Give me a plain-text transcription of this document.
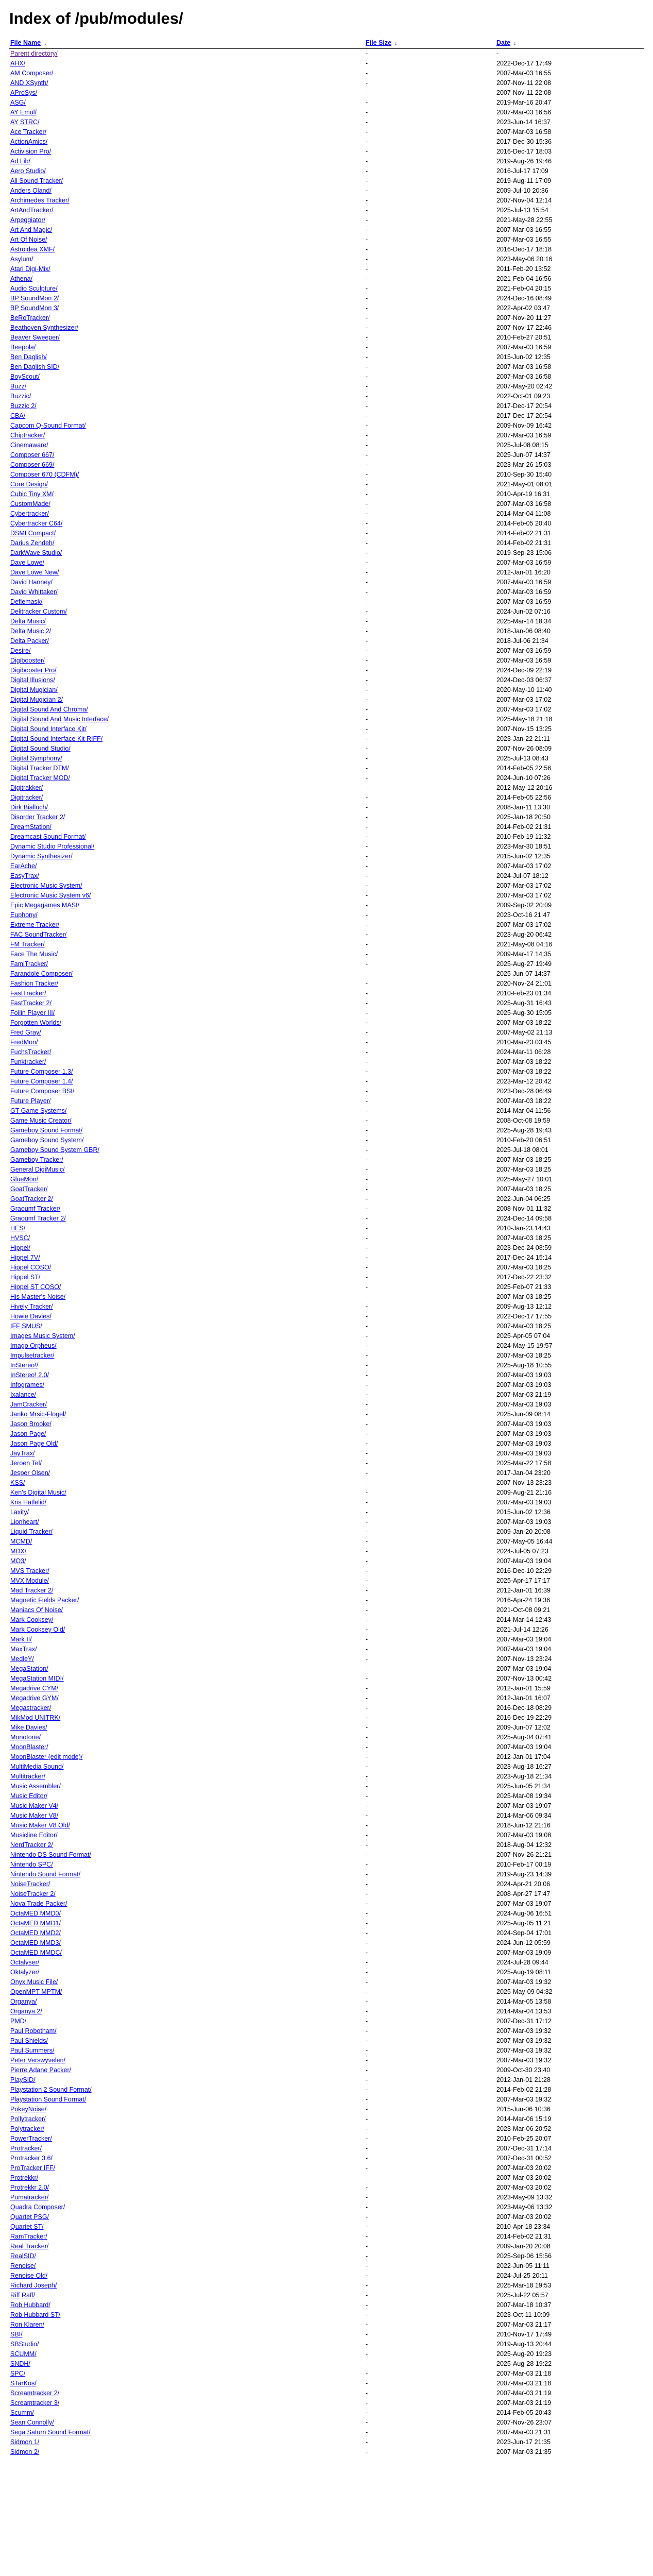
Index of /pub/modules/
File Name ↓	File Size ↓	Date ↓
Parent directory/	-	-
AHX/	-	2022-Dec-17 17:49
AM Composer/	-	2007-Mar-03 16:55
AND XSynth/	-	2007-Nov-11 22:08
AProSys/	-	2007-Nov-11 22:08
ASG/	-	2019-Mar-16 20:47
AY Emul/	-	2007-Mar-03 16:56
AY STRC/	-	2023-Jun-14 16:37
Ace Tracker/	-	2007-Mar-03 16:58
ActionAmics/	-	2017-Dec-30 15:36
Activision Pro/	-	2016-Dec-17 18:03
Ad Lib/	-	2019-Aug-26 19:46
Aero Studio/	-	2016-Jul-17 17:09
All Sound Tracker/	-	2019-Aug-11 17:09
Anders Oland/	-	2009-Jul-10 20:36
Archimedes Tracker/	-	2007-Nov-04 12:14
ArtAndTracker/	-	2025-Jul-13 15:54
Arpeggiator/	-	2021-May-28 22:55
Art And Magic/	-	2007-Mar-03 16:55
Art Of Noise/	-	2007-Mar-03 16:55
Astroidea XMF/	-	2016-Dec-17 18:18
Asylum/	-	2023-May-06 20:16
Atari Digi-Mix/	-	2011-Feb-20 13:52
Athena/	-	2021-Feb-04 16:56
Audio Sculpture/	-	2021-Feb-04 20:15
BP SoundMon 2/	-	2024-Dec-16 08:49
BP SoundMon 3/	-	2022-Apr-02 03:47
BeRoTracker/	-	2007-Nov-20 11:27
Beathoven Synthesizer/	-	2007-Nov-17 22:46
Beaver Sweeper/	-	2010-Feb-27 20:51
Beepola/	-	2007-Mar-03 16:59
Ben Daglish/	-	2015-Jun-02 12:35
Ben Daglish SID/	-	2007-Mar-03 16:58
BoyScout/	-	2007-Mar-03 16:58
Buzz/	-	2007-May-20 02:42
Buzzic/	-	2022-Oct-01 09:23
Buzzic 2/	-	2017-Dec-17 20:54
CBA/	-	2017-Dec-17 20:54
Capcom Q-Sound Format/	-	2009-Nov-09 16:42
Chiptracker/	-	2007-Mar-03 16:59
Cinemaware/	-	2025-Jul-08 08:15
Composer 667/	-	2025-Jun-07 14:37
Composer 669/	-	2023-Mar-26 15:03
Composer 670 (CDFM)/	-	2010-Sep-30 15:40
Core Design/	-	2021-May-01 08:01
Cubic Tiny XM/	-	2010-Apr-19 16:31
CustomMade/	-	2007-Mar-03 16:58
Cybertracker/	-	2014-Mar-04 11:08
Cybertracker C64/	-	2014-Feb-05 20:40
DSMI Compact/	-	2014-Feb-02 21:31
Darius Zendeh/	-	2014-Feb-02 21:31
DarkWave Studio/	-	2019-Sep-23 15:06
Dave Lowe/	-	2007-Mar-03 16:59
Dave Lowe New/	-	2012-Jan-01 16:20
David Hanney/	-	2007-Mar-03 16:59
David Whittaker/	-	2007-Mar-03 16:59
Deflemask/	-	2007-Mar-03 16:59
Delitracker Custom/	-	2024-Jun-02 07:16
Delta Music/	-	2025-Mar-14 18:34
Delta Music 2/	-	2018-Jan-06 08:40
Delta Packer/	-	2018-Jul-06 21:34
Desire/	-	2007-Mar-03 16:59
Digibooster/	-	2007-Mar-03 16:59
Digibooster Pro/	-	2024-Dec-09 22:19
Digital Illusions/	-	2024-Dec-03 06:37
Digital Mugician/	-	2020-May-10 11:40
Digital Mugician 2/	-	2007-Mar-03 17:02
Digital Sound And Chroma/	-	2007-Mar-03 17:02
Digital Sound And Music Interface/	-	2025-May-18 21:18
Digital Sound Interface Kit/	-	2007-Nov-15 13:25
Digital Sound Interface Kit RIFF/	-	2023-Jan-22 21:11
Digital Sound Studio/	-	2007-Nov-26 08:09
Digital Symphony/	-	2025-Jul-13 08:43
Digital Tracker DTM/	-	2014-Feb-05 22:56
Digital Tracker MOD/	-	2024-Jun-10 07:26
Digitrakker/	-	2012-May-12 20:16
Digitracker/	-	2014-Feb-05 22:56
Dirk Bialluch/	-	2008-Jan-11 13:30
Disorder Tracker 2/	-	2025-Jan-18 20:50
DreamStation/	-	2014-Feb-02 21:31
Dreamcast Sound Format/	-	2010-Feb-19 11:32
Dynamic Studio Professional/	-	2023-Mar-30 18:51
Dynamic Synthesizer/	-	2015-Jun-02 12:35
EarAche/	-	2007-Mar-03 17:02
EasyTrax/	-	2024-Jul-07 18:12
Electronic Music System/	-	2007-Mar-03 17:02
Electronic Music System v6/	-	2007-Mar-03 17:02
Epic Megagames MASI/	-	2009-Sep-02 20:09
Euphony/	-	2023-Oct-16 21:47
Extreme Tracker/	-	2007-Mar-03 17:02
FAC SoundTracker/	-	2023-Aug-20 06:42
FM Tracker/	-	2021-May-08 04:16
Face The Music/	-	2009-Mar-17 14:35
FamiTracker/	-	2025-Aug-27 19:49
Farandole Composer/	-	2025-Jun-07 14:37
Fashion Tracker/	-	2020-Nov-24 21:01
FastTracker/	-	2010-Feb-23 01:34
FastTracker 2/	-	2025-Aug-31 16:43
Follin Player III/	-	2025-Aug-30 15:05
Forgotten Worlds/	-	2007-Mar-03 18:22
Fred Gray/	-	2007-May-02 21:13
FredMon/	-	2010-Mar-23 03:45
FuchsTracker/	-	2024-Mar-11 06:28
Funktracker/	-	2007-Mar-03 18:22
Future Composer 1.3/	-	2007-Mar-03 18:22
Future Composer 1.4/	-	2023-Mar-12 20:42
Future Composer BSI/	-	2023-Dec-28 06:49
Future Player/	-	2007-Mar-03 18:22
GT Game Systems/	-	2014-Mar-04 11:56
Game Music Creator/	-	2008-Oct-08 19:59
Gameboy Sound Format/	-	2025-Aug-28 19:43
Gameboy Sound System/	-	2010-Feb-20 06:51
Gameboy Sound System GBR/	-	2025-Jul-18 08:01
Gameboy Tracker/	-	2007-Mar-03 18:25
General DigiMusic/	-	2007-Mar-03 18:25
GlueMon/	-	2025-May-27 10:01
GoatTracker/	-	2007-Mar-03 18:25
GoatTracker 2/	-	2022-Jun-04 06:25
Graoumf Tracker/	-	2008-Nov-01 11:32
Graoumf Tracker 2/	-	2024-Dec-14 09:58
HES/	-	2010-Jan-23 14:43
HVSC/	-	2007-Mar-03 18:25
Hippel/	-	2023-Dec-24 08:59
Hippel 7V/	-	2017-Dec-24 15:14
Hippel COSO/	-	2007-Mar-03 18:25
Hippel ST/	-	2017-Dec-22 23:32
Hippel ST COSO/	-	2025-Feb-07 21:33
His Master's Noise/	-	2007-Mar-03 18:25
Hively Tracker/	-	2009-Aug-13 12:12
Howie Davies/	-	2022-Dec-17 17:55
IFF SMUS/	-	2007-Mar-03 18:25
Images Music System/	-	2025-Apr-05 07:04
Imago Orpheus/	-	2024-May-15 19:57
Impulsetracker/	-	2007-Mar-03 18:25
InStereo!/	-	2025-Aug-18 10:55
InStereo! 2.0/	-	2007-Mar-03 19:03
Infogrames/	-	2007-Mar-03 19:03
Ixalance/	-	2007-Mar-03 21:19
JamCracker/	-	2007-Mar-03 19:03
Janko Mrsic-Flogel/	-	2025-Jun-09 08:14
Jason Brooke/	-	2007-Mar-03 19:03
Jason Page/	-	2007-Mar-03 19:03
Jason Page Old/	-	2007-Mar-03 19:03
JayTrax/	-	2007-Mar-03 19:03
Jeroen Tel/	-	2025-Mar-22 17:58
Jesper Olsen/	-	2017-Jan-04 23:20
KSS/	-	2007-Nov-13 23:23
Ken's Digital Music/	-	2009-Aug-21 21:16
Kris Hatlelid/	-	2007-Mar-03 19:03
Laxity/	-	2015-Jun-02 12:36
Lionheart/	-	2007-Mar-03 19:03
Liquid Tracker/	-	2009-Jan-20 20:08
MCMD/	-	2007-May-05 16:44
MDX/	-	2024-Jul-05 07:23
MO3/	-	2007-Mar-03 19:04
MVS Tracker/	-	2016-Dec-10 22:29
MVX Module/	-	2025-Apr-17 17:17
Mad Tracker 2/	-	2012-Jan-01 16:39
Magnetic Fields Packer/	-	2016-Apr-24 19:36
Maniacs Of Noise/	-	2021-Oct-08 09:21
Mark Cooksey/	-	2014-Mar-14 12:43
Mark Cooksey Old/	-	2021-Jul-14 12:26
Mark II/	-	2007-Mar-03 19:04
MaxTrax/	-	2007-Mar-03 19:04
MedleY/	-	2007-Nov-13 23:24
MegaStation/	-	2007-Mar-03 19:04
MegaStation MIDI/	-	2007-Nov-13 00:42
Megadrive CYM/	-	2012-Jan-01 15:59
Megadrive GYM/	-	2012-Jan-01 16:07
Megastracker/	-	2016-Dec-18 08:29
MikMod UNITRK/	-	2016-Dec-19 22:29
Mike Davies/	-	2009-Jun-07 12:02
Monotone/	-	2025-Aug-04 07:41
MoonBlaster/	-	2007-Mar-03 19:04
MoonBlaster (edit mode)/	-	2012-Jan-01 17:04
MultiMedia Sound/	-	2023-Aug-18 16:27
Multitracker/	-	2023-Aug-18 21:34
Music Assembler/	-	2025-Jun-05 21:34
Music Editor/	-	2025-Mar-08 19:34
Music Maker V4/	-	2007-Mar-03 19:07
Music Maker V8/	-	2014-Mar-06 09:34
Music Maker V8 Old/	-	2018-Jun-12 21:16
Musicline Editor/	-	2007-Mar-03 19:08
NerdTracker 2/	-	2018-Aug-04 12:32
Nintendo DS Sound Format/	-	2007-Nov-26 21:21
Nintendo SPC/	-	2010-Feb-17 00:19
Nintendo Sound Format/	-	2019-Aug-23 14:39
NoiseTracker/	-	2024-Apr-21 20:06
NoiseTracker 2/	-	2008-Apr-27 17:47
Nova Trade Packer/	-	2007-Mar-03 19:07
OctaMED MMD0/	-	2024-Aug-06 16:51
OctaMED MMD1/	-	2025-Aug-05 11:21
OctaMED MMD2/	-	2024-Sep-04 17:01
OctaMED MMD3/	-	2024-Jun-12 05:59
OctaMED MMDC/	-	2007-Mar-03 19:09
Octalyser/	-	2024-Jul-28 09:44
Oktalyzer/	-	2025-Aug-19 08:11
Onyx Music File/	-	2007-Mar-03 19:32
OpenMPT MPTM/	-	2025-May-09 04:32
Organya/	-	2014-Mar-05 13:58
Organya 2/	-	2014-Mar-04 13:53
PMD/	-	2007-Dec-31 17:12
Paul Robotham/	-	2007-Mar-03 19:32
Paul Shields/	-	2007-Mar-03 19:32
Paul Summers/	-	2007-Mar-03 19:32
Peter Verswyvelen/	-	2007-Mar-03 19:32
Pierre Adane Packer/	-	2009-Oct-30 23:40
PlaySID/	-	2012-Jan-01 21:28
Playstation 2 Sound Format/	-	2014-Feb-02 21:28
Playstation Sound Format/	-	2007-Mar-03 19:32
PokeyNoise/	-	2015-Jun-06 10:36
Pollytracker/	-	2014-Mar-06 15:19
Polytracker/	-	2023-Mar-06 20:52
PowerTracker/	-	2010-Feb-25 20:07
Protracker/	-	2007-Dec-31 17:14
Protracker 3.6/	-	2007-Dec-31 00:52
ProTracker IFF/	-	2007-Mar-03 20:02
Protrekkr/	-	2007-Mar-03 20:02
Protrekkr 2.0/	-	2007-Mar-03 20:02
Pumatracker/	-	2023-May-09 13:32
Quadra Composer/	-	2023-May-06 13:32
Quartet PSG/	-	2007-Mar-03 20:02
Quartet ST/	-	2010-Apr-18 23:34
RamTracker/	-	2014-Feb-02 21:31
Real Tracker/	-	2009-Jan-20 20:08
RealSID/	-	2025-Sep-06 15:56
Renoise/	-	2022-Jun-05 11:11
Renoise Old/	-	2024-Jul-25 20:11
Richard Joseph/	-	2025-Mar-18 19:53
Riff Raff/	-	2025-Jul-22 05:57
Rob Hubbard/	-	2007-Mar-18 10:37
Rob Hubbard ST/	-	2023-Oct-11 10:09
Ron Klaren/	-	2007-Mar-03 21:17
SBI/	-	2010-Nov-17 17:49
SBStudio/	-	2019-Aug-13 20:44
SCUMM/	-	2025-Aug-20 19:23
SNDH/	-	2025-Aug-28 19:22
SPC/	-	2007-Mar-03 21:18
STarKos/	-	2007-Mar-03 21:18
Screamtracker 2/	-	2007-Mar-03 21:19
Screamtracker 3/	-	2007-Mar-03 21:19
Scumm/	-	2014-Feb-05 20:43
Sean Connolly/	-	2007-Nov-26 23:07
Sega Saturn Sound Format/	-	2007-Mar-03 21:31
Sidmon 1/	-	2023-Jun-17 21:35
Sidmon 2/	-	2007-Mar-03 21:35
